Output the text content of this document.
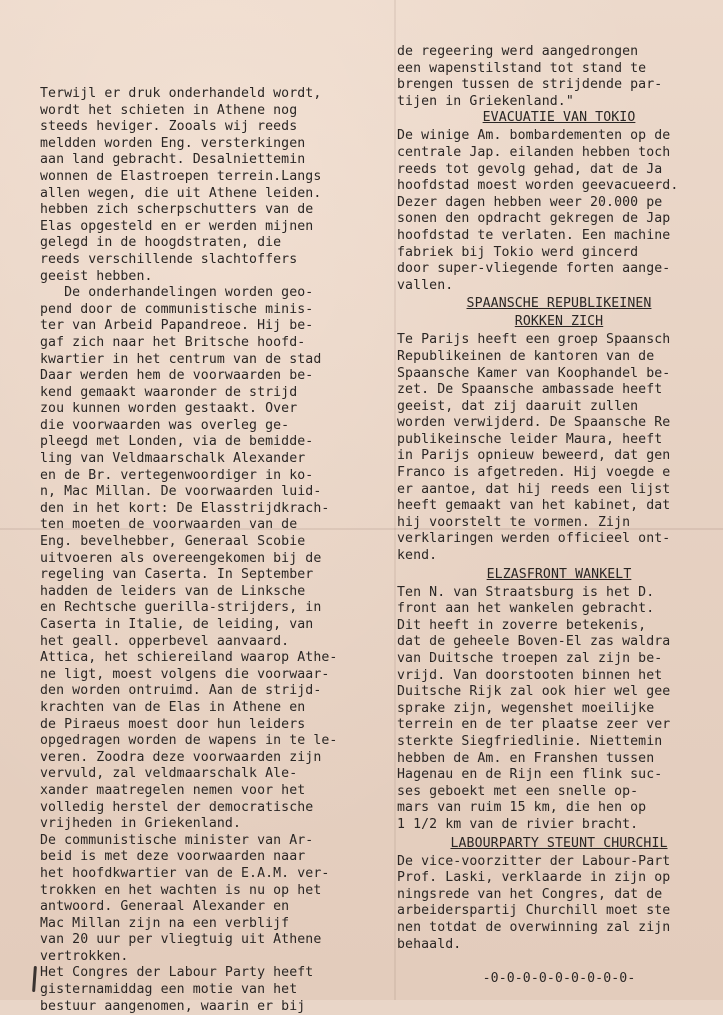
Terwijl er druk onderhandeld wordt,
wordt het schieten in Athene nog
steeds heviger. Zooals wij reeds
meldden worden Eng. versterkingen
aan land gebracht. Desalniettemin
wonnen de Elastroepen terrein.Langs
allen wegen, die uit Athene leiden.
hebben zich scherpschutters van de
Elas opgesteld en er werden mijnen
gelegd in de hoogdstraten, die
reeds verschillende slachtoffers
geeist hebben.
De onderhandelingen worden geo-
pend door de communistische minis-
ter van Arbeid Papandreoe. Hij be-
gaf zich naar het Britsche hoofd-
kwartier in het centrum van de stad
Daar werden hem de voorwaarden be-
kend gemaakt waaronder de strijd
zou kunnen worden gestaakt. Over
die voorwaarden was overleg ge-
pleegd met Londen, via de bemidde-
ling van Veldmaarschalk Alexander
en de Br. vertegenwoordiger in ko-
n, Mac Millan. De voorwaarden luid-
den in het kort: De Elasstrijdkrach-
ten moeten de voorwaarden van de
Eng. bevelhebber, Generaal Scobie
uitvoeren als overeengekomen bij de
regeling van Caserta. In September
hadden de leiders van de Linksche
en Rechtsche guerilla-strijders, in
Caserta in Italie, de leiding, van
het geall. opperbevel aanvaard.
Attica, het schiereiland waarop Athe-
ne ligt, moest volgens die voorwaar-
den worden ontruimd. Aan de strijd-
krachten van de Elas in Athene en
de Piraeus moest door hun leiders
opgedragen worden de wapens in te le-
veren. Zoodra deze voorwaarden zijn
vervuld, zal veldmaarschalk Ale-
xander maatregelen nemen voor het
volledig herstel der democratische
vrijheden in Griekenland.
De communistische minister van Ar-
beid is met deze voorwaarden naar
het hoofdkwartier van de E.A.M. ver-
trokken en het wachten is nu op het
antwoord. Generaal Alexander en
Mac Millan zijn na een verblijf
van 20 uur per vliegtuig uit Athene
vertrokken.
Het Congres der Labour Party heeft
gisternamiddag een motie van het
bestuur aangenomen, waarin er bij
de regeering werd aangedrongen
een wapenstilstand tot stand te
brengen tussen de strijdende par-
tijen in Griekenland."
EVACUATIE VAN TOKIO
De winige Am. bombardementen op de
centrale Jap. eilanden hebben toch
reeds tot gevolg gehad, dat de Ja
hoofdstad moest worden geevacueerd.
Dezer dagen hebben weer 20.000 pe
sonen den opdracht gekregen de Jap
hoofdstad te verlaten. Een machine
fabriek bij Tokio werd gincerd
door super-vliegende forten aange-
vallen.
SPAANSCHE REPUBLIKEINEN
ROKKEN ZICH
Te Parijs heeft een groep Spaansch
Republikeinen de kantoren van de
Spaansche Kamer van Koophandel be-
zet. De Spaansche ambassade heeft
geeist, dat zij daaruit zullen
worden verwijderd. De Spaansche Re
publikeinsche leider Maura, heeft
in Parijs opnieuw beweerd, dat gen
Franco is afgetreden. Hij voegde e
er aantoe, dat hij reeds een lijst
heeft gemaakt van het kabinet, dat
hij voorstelt te vormen. Zijn
verklaringen werden officieel ont-
kend.
ELZASFRONT WANKELT
Ten N. van Straatsburg is het D.
front aan het wankelen gebracht.
Dit heeft in zoverre betekenis,
dat de geheele Boven-El zas waldra
van Duitsche troepen zal zijn be-
vrijd. Van doorstooten binnen het
Duitsche Rijk zal ook hier wel gee
sprake zijn, wegenshet moeilijke
terrein en de ter plaatse zeer ver
sterkte Siegfriedlinie. Niettemin
hebben de Am. en Franshen tussen
Hagenau en de Rijn een flink suc-
ses geboekt met een snelle op-
mars van ruim 15 km, die hen op
1 1/2 km van de rivier bracht.
LABOURPARTY STEUNT CHURCHIL
De vice-voorzitter der Labour-Part
Prof. Laski, verklaarde in zijn op
ningsrede van het Congres, dat de
arbeiderspartij Churchill moet ste
nen totdat de overwinning zal zijn
behaald.
-0-0-0-0-0-0-0-0-0-
